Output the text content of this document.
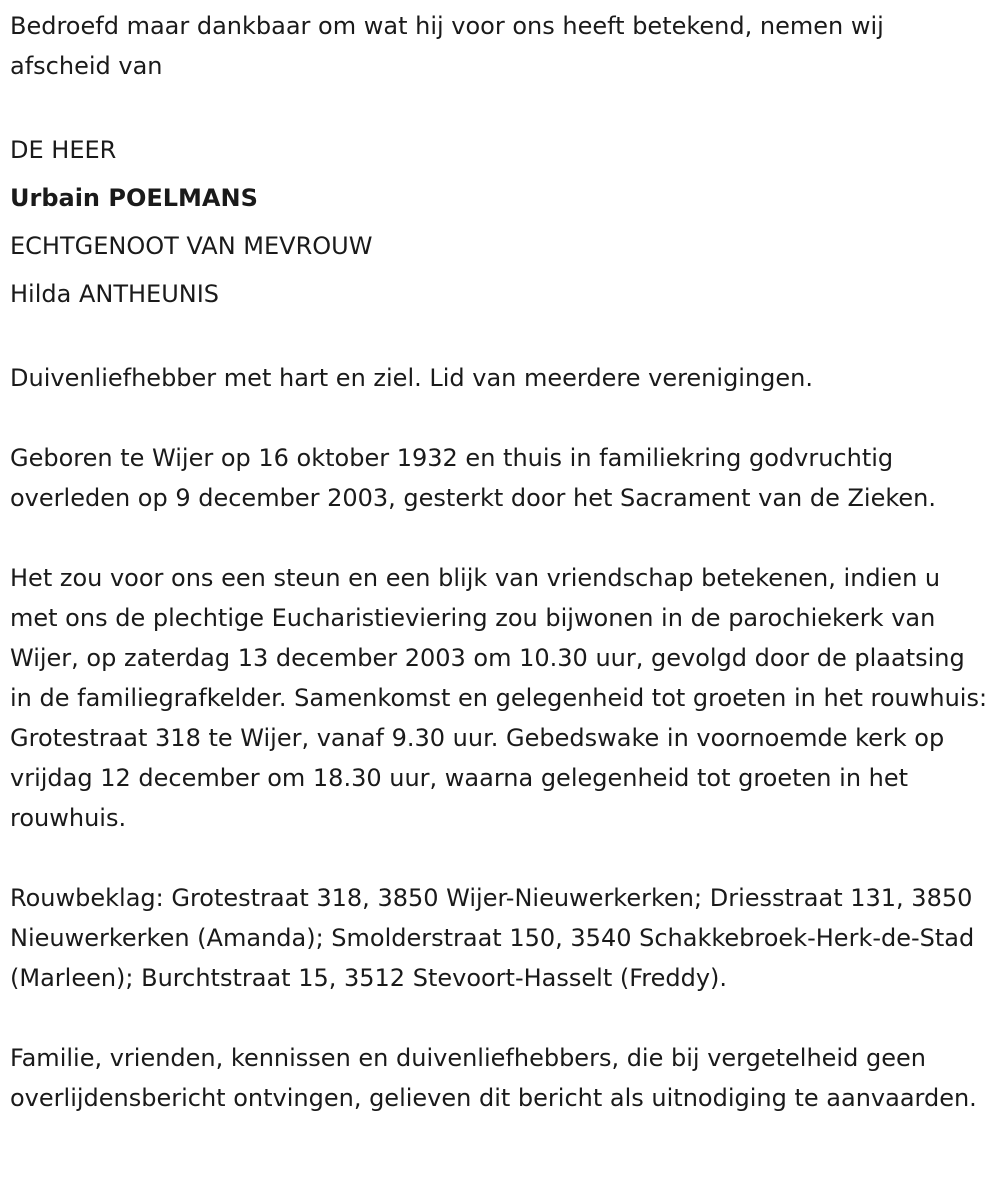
Bedroefd maar dankbaar om wat hij voor ons heeft betekend, nemen wij afscheid van

DE HEER

Urbain POELMANS

ECHTGENOOT VAN MEVROUW

Hilda ANTHEUNIS

Duivenliefhebber met hart en ziel. Lid van meerdere verenigingen.

Geboren te Wijer op 16 oktober 1932 en thuis in familiekring godvruchtig overleden op 9 december 2003, gesterkt door het Sacrament van de Zieken.

Het zou voor ons een steun en een blijk van vriendschap betekenen, indien u met ons de plechtige Eucharistieviering zou bijwonen in de parochiekerk van Wijer, op zaterdag 13 december 2003 om 10.30 uur, gevolgd door de plaatsing in de familiegrafkelder. Samenkomst en gelegenheid tot groeten in het rouwhuis: Grotestraat 318 te Wijer, vanaf 9.30 uur. Gebedswake in voornoemde kerk op vrijdag 12 december om 18.30 uur, waarna gelegenheid tot groeten in het rouwhuis.

Rouwbeklag: Grotestraat 318, 3850 Wijer-Nieuwerkerken; Driesstraat 131, 3850 Nieuwerkerken (Amanda); Smolderstraat 150, 3540 Schakkebroek-Herk-de-Stad (Marleen); Burchtstraat 15, 3512 Stevoort-Hasselt (Freddy).

Familie, vrienden, kennissen en duivenliefhebbers, die bij vergetelheid geen overlijdensbericht ontvingen, gelieven dit bericht als uitnodiging te aanvaarden.
